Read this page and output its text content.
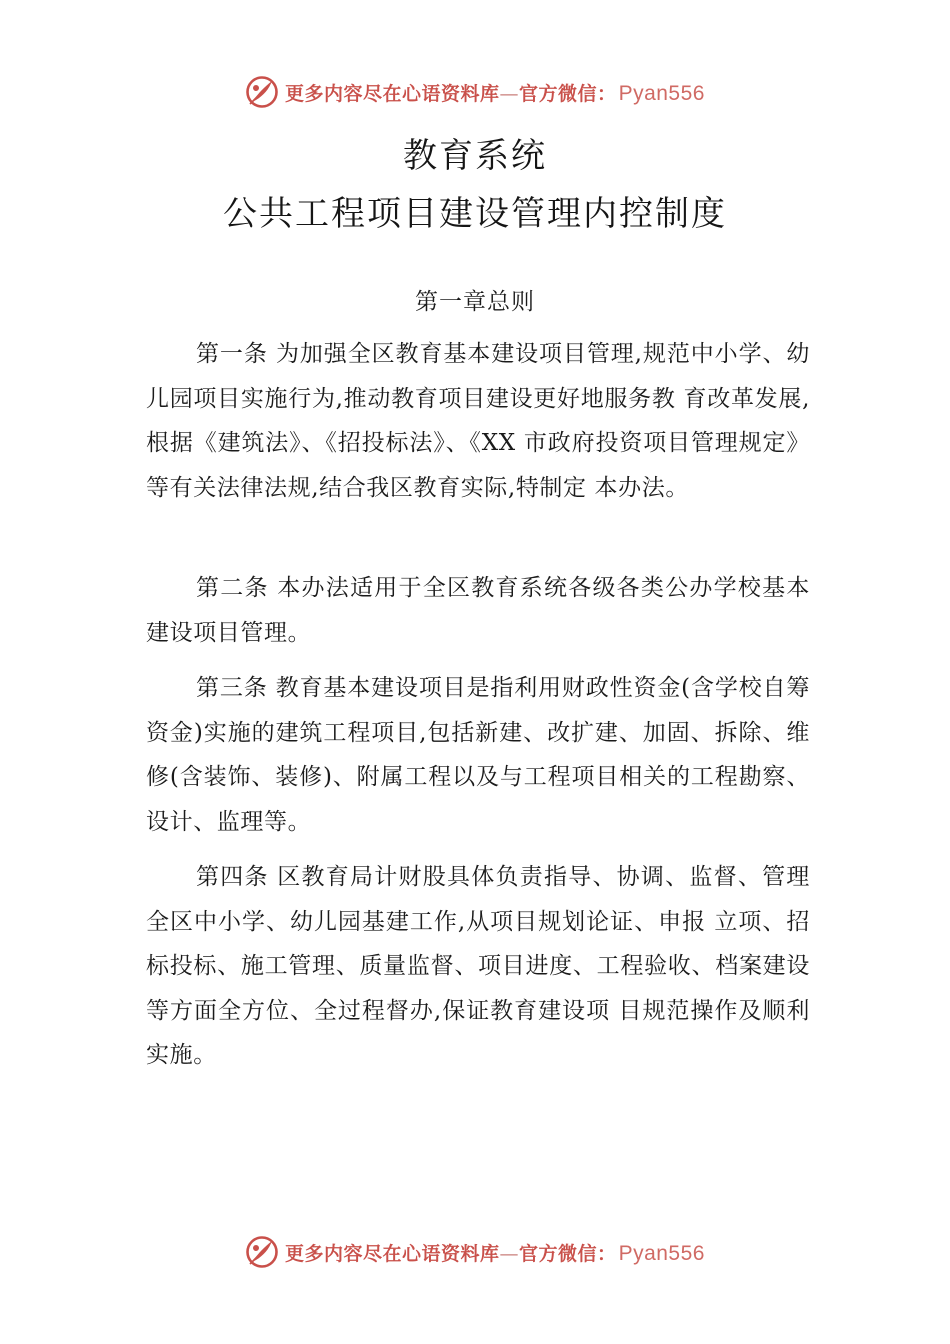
更多内容尽在心语资料库—官方微信：Pyan556
教育系统
公共工程项目建设管理内控制度
第一章总则

第一条 为加强全区教育基本建设项目管理,规范中小学、幼儿园项目实施行为,推动教育项目建设更好地服务教 育改革发展,根据《建筑法》、《招投标法》、《XX 市政府投资项目管理规定》等有关法律法规,结合我区教育实际,特制定 本办法。

第二条 本办法适用于全区教育系统各级各类公办学校基本建设项目管理。

第三条 教育基本建设项目是指利用财政性资金(含学校自筹资金)实施的建筑工程项目,包括新建、改扩建、加固、拆除、维修(含装饰、装修)、附属工程以及与工程项目相关的工程勘察、设计、监理等。

第四条 区教育局计财股具体负责指导、协调、监督、管理全区中小学、幼儿园基建工作,从项目规划论证、申报 立项、招标投标、施工管理、质量监督、项目进度、工程验收、档案建设等方面全方位、全过程督办,保证教育建设项 目规范操作及顺利实施。

更多内容尽在心语资料库—官方微信：Pyan556
